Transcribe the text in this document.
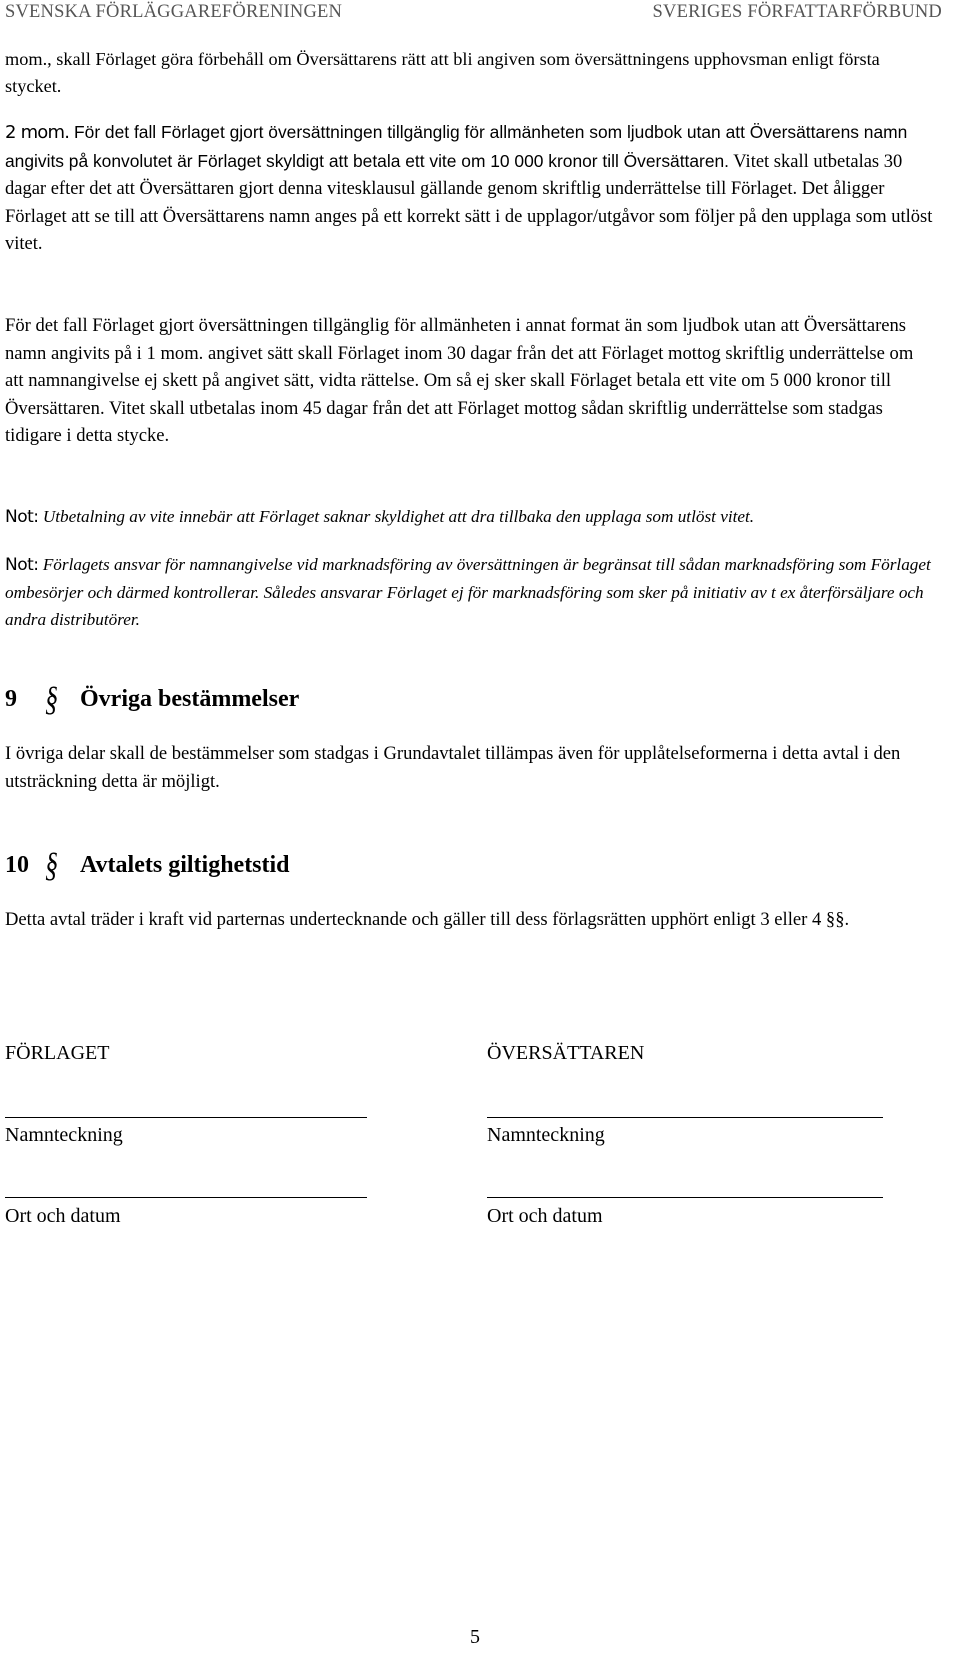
SVENSKA FÖRLÄGGAREFÖRENINGEN	SVERIGES FÖRFATTARFÖRBUND

mom., skall Förlaget göra förbehåll om Översättarens rätt att bli angiven som översättningens upphovsman enligt första stycket.

2 mom. För det fall Förlaget gjort översättningen tillgänglig för allmänheten som ljudbok utan att Översättarens namn angivits på konvolutet är Förlaget skyldigt att betala ett vite om 10 000 kronor till Översättaren. Vitet skall utbetalas 30 dagar efter det att Översättaren gjort denna vitesklausul gällande genom skriftlig underrättelse till Förlaget. Det åligger Förlaget att se till att Översättarens namn anges på ett korrekt sätt i de upplagor/utgåvor som följer på den upplaga som utlöst vitet.

För det fall Förlaget gjort översättningen tillgänglig för allmänheten i annat format än som ljudbok utan att Översättarens namn angivits på i 1 mom. angivet sätt skall Förlaget inom 30 dagar från det att Förlaget mottog skriftlig underrättelse om att namnangivelse ej skett på angivet sätt, vidta rättelse. Om så ej sker skall Förlaget betala ett vite om 5 000 kronor till Översättaren. Vitet skall utbetalas inom 45 dagar från det att Förlaget mottog sådan skriftlig underrättelse som stadgas tidigare i detta stycke.

Not: Utbetalning av vite innebär att Förlaget saknar skyldighet att dra tillbaka den upplaga som utlöst vitet.

Not: Förlagets ansvar för namnangivelse vid marknadsföring av översättningen är begränsat till sådan marknadsföring som Förlaget ombesörjer och därmed kontrollerar. Således ansvarar Förlaget ej för marknadsföring som sker på initiativ av t ex återförsäljare och andra distributörer.

9	§ Övriga bestämmelser

I övriga delar skall de bestämmelser som stadgas i Grundavtalet tillämpas även för upplåtelseformerna i detta avtal i den utsträckning detta är möjligt.

10 § Avtalets giltighetstid

Detta avtal träder i kraft vid parternas undertecknande och gäller till dess förlagsrätten upphört enligt 3 eller 4 §§.

FÖRLAGET
Namnteckning
Ort och datum
ÖVERSÄTTAREN
Namnteckning
Ort och datum
5
